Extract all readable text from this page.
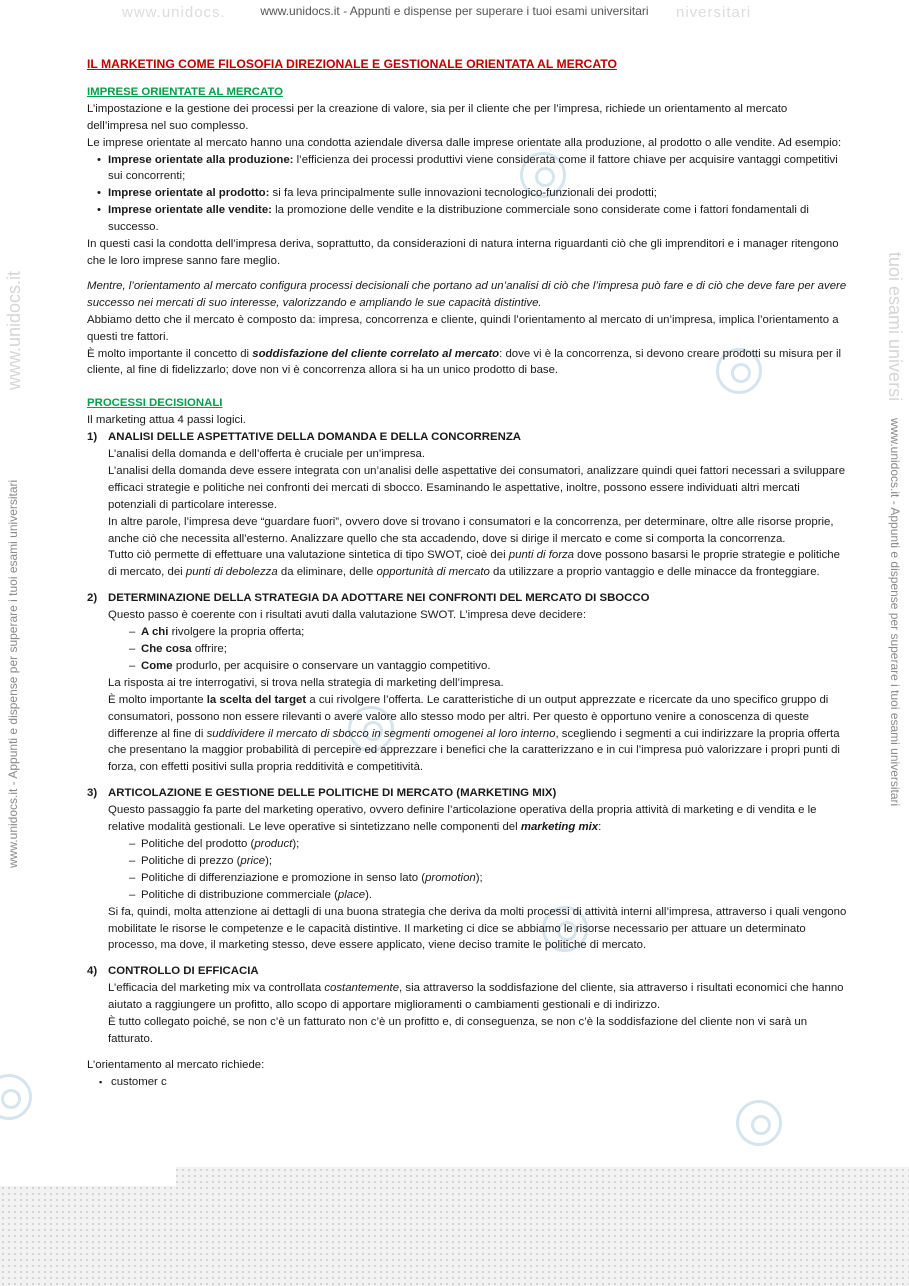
www.unidocs.	niversitari
www.unidocs.it - Appunti e dispense per superare i tuoi esami universitari
www.unidocs.it	tuoi esami universi
www.unidocs.it - Appunti e dispense per superare i tuoi esami universitari	www.unidocs.it - Appunti e dispense per superare i tuoi esami universitari
IL MARKETING COME FILOSOFIA DIREZIONALE E GESTIONALE ORIENTATA AL MERCATO
IMPRESE ORIENTATE AL MERCATO

L’impostazione e la gestione dei processi per la creazione di valore, sia per il cliente che per l’impresa, richiede un orientamento al mercato dell’impresa nel suo complesso.

Le imprese orientate al mercato hanno una condotta aziendale diversa dalle imprese orientate alla produzione, al prodotto o alle vendite. Ad esempio:

• Imprese orientate alla produzione: l’efficienza dei processi produttivi viene considerata come il fattore chiave per acquisire vantaggi competitivi sui concorrenti;
• Imprese orientate al prodotto: si fa leva principalmente sulle innovazioni tecnologico-funzionali dei prodotti;
• Imprese orientate alle vendite: la promozione delle vendite e la distribuzione commerciale sono considerate come i fattori fondamentali di successo.

In questi casi la condotta dell’impresa deriva, soprattutto, da considerazioni di natura interna riguardanti ciò che gli imprenditori e i manager ritengono che le loro imprese sanno fare meglio.

Mentre, l’orientamento al mercato configura processi decisionali che portano ad un’analisi di ciò che l’impresa può fare e di ciò che deve fare per avere successo nei mercati di suo interesse, valorizzando e ampliando le sue capacità distintive.

Abbiamo detto che il mercato è composto da: impresa, concorrenza e cliente, quindi l’orientamento al mercato di un’impresa, implica l’orientamento a questi tre fattori.

È molto importante il concetto di soddisfazione del cliente correlato al mercato: dove vi è la concorrenza, si devono creare prodotti su misura per il cliente, al fine di fidelizzarlo; dove non vi è concorrenza allora si ha un unico prodotto di base.

PROCESSI DECISIONALI

Il marketing attua 4 passi logici.

1) ANALISI DELLE ASPETTATIVE DELLA DOMANDA E DELLA CONCORRENZA

L’analisi della domanda e dell’offerta è cruciale per un’impresa.

L’analisi della domanda deve essere integrata con un’analisi delle aspettative dei consumatori, analizzare quindi quei fattori necessari a sviluppare efficaci strategie e politiche nei confronti dei mercati di sbocco. Esaminando le aspettative, inoltre, possono essere individuati altri mercati potenziali di particolare interesse.

In altre parole, l’impresa deve “guardare fuori”, ovvero dove si trovano i consumatori e la concorrenza, per determinare, oltre alle risorse proprie, anche ciò che necessita all’esterno. Analizzare quello che sta accadendo, dove si dirige il mercato e come si comporta la concorrenza.

Tutto ciò permette di effettuare una valutazione sintetica di tipo SWOT, cioè dei punti di forza dove possono basarsi le proprie strategie e politiche di mercato, dei punti di debolezza da eliminare, delle opportunità di mercato da utilizzare a proprio vantaggio e delle minacce da fronteggiare.

2) DETERMINAZIONE DELLA STRATEGIA DA ADOTTARE NEI CONFRONTI DEL MERCATO DI SBOCCO

Questo passo è coerente con i risultati avuti dalla valutazione SWOT. L’impresa deve decidere:

– A chi rivolgere la propria offerta;
– Che cosa offrire;
– Come produrlo, per acquisire o conservare un vantaggio competitivo.

La risposta ai tre interrogativi, si trova nella strategia di marketing dell’impresa.

È molto importante la scelta del target a cui rivolgere l’offerta. Le caratteristiche di un output apprezzate e ricercate da uno specifico gruppo di consumatori, possono non essere rilevanti o avere valore allo stesso modo per altri. Per questo è opportuno venire a conoscenza di queste differenze al fine di suddividere il mercato di sbocco in segmenti omogenei al loro interno, scegliendo i segmenti a cui indirizzare la propria offerta che presentano la maggior probabilità di percepire ed apprezzare i benefici che la caratterizzano e in cui l’impresa può valorizzare i propri punti di forza, con effetti positivi sulla propria redditività e competitività.

3) ARTICOLAZIONE E GESTIONE DELLE POLITICHE DI MERCATO (MARKETING MIX)

Questo passaggio fa parte del marketing operativo, ovvero definire l’articolazione operativa della propria attività di marketing e di vendita e le relative modalità gestionali. Le leve operative si sintetizzano nelle componenti del marketing mix:

– Politiche del prodotto (product);
– Politiche di prezzo (price);
– Politiche di differenziazione e promozione in senso lato (promotion);
– Politiche di distribuzione commerciale (place).

Si fa, quindi, molta attenzione ai dettagli di una buona strategia che deriva da molti processi di attività interni all’impresa, attraverso i quali vengono mobilitate le risorse le competenze e le capacità distintive. Il marketing ci dice se abbiamo le risorse necessario per attuare un determinato processo, ma dove, il marketing stesso, deve essere applicato, viene deciso tramite le politiche di mercato.

4) CONTROLLO DI EFFICACIA

L’efficacia del marketing mix va controllata costantemente, sia attraverso la soddisfazione del cliente, sia attraverso i risultati economici che hanno aiutato a raggiungere un profitto, allo scopo di apportare miglioramenti o cambiamenti gestionali e di indirizzo.

È tutto collegato poiché, se non c’è un fatturato non c’è un profitto e, di conseguenza, se non c’è la soddisfazione del cliente non vi sarà un fatturato.

L’orientamento al mercato richiede:

▪ customer c
